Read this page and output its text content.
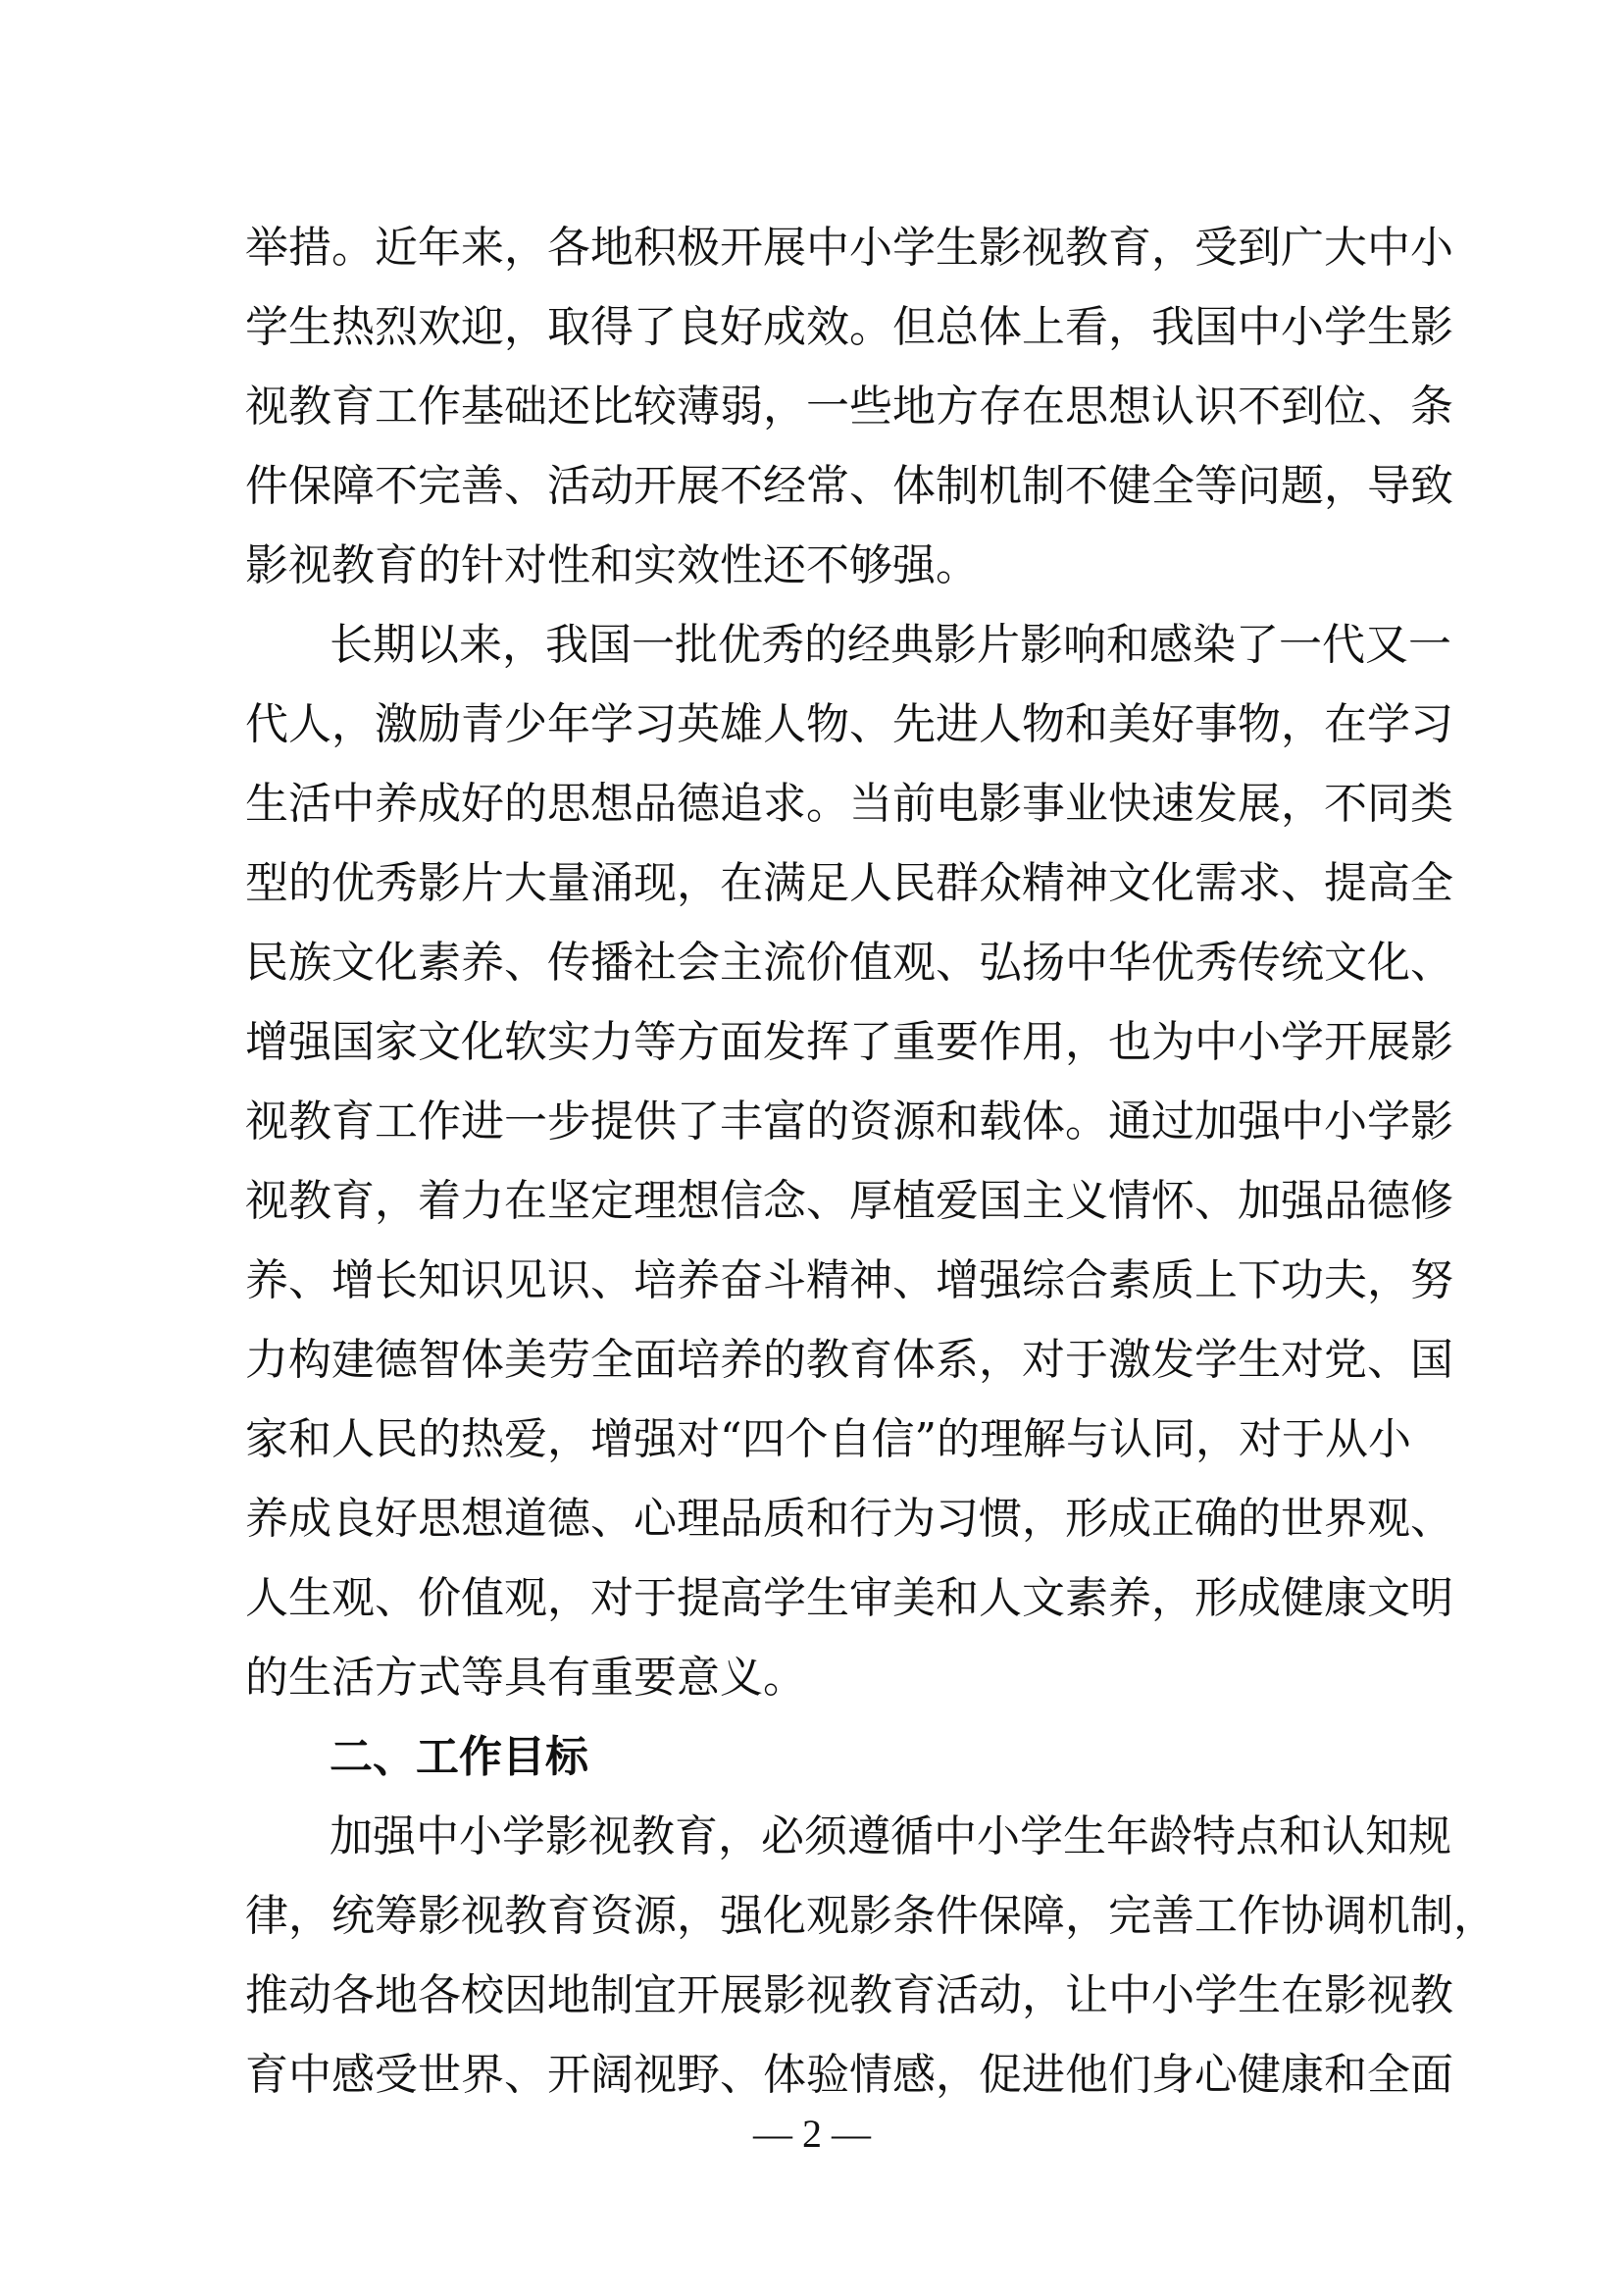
举措。近年来，各地积极开展中小学生影视教育，受到广大中小
学生热烈欢迎，取得了良好成效。但总体上看，我国中小学生影
视教育工作基础还比较薄弱，一些地方存在思想认识不到位、条
件保障不完善、活动开展不经常、体制机制不健全等问题，导致
影视教育的针对性和实效性还不够强。
长期以来，我国一批优秀的经典影片影响和感染了一代又一
代人，激励青少年学习英雄人物、先进人物和美好事物，在学习
生活中养成好的思想品德追求。当前电影事业快速发展，不同类
型的优秀影片大量涌现，在满足人民群众精神文化需求、提高全
民族文化素养、传播社会主流价值观、弘扬中华优秀传统文化、
增强国家文化软实力等方面发挥了重要作用，也为中小学开展影
视教育工作进一步提供了丰富的资源和载体。通过加强中小学影
视教育，着力在坚定理想信念、厚植爱国主义情怀、加强品德修
养、增长知识见识、培养奋斗精神、增强综合素质上下功夫，努
力构建德智体美劳全面培养的教育体系，对于激发学生对党、国
家和人民的热爱，增强对“四个自信”的理解与认同，对于从小
养成良好思想道德、心理品质和行为习惯，形成正确的世界观、
人生观、价值观，对于提高学生审美和人文素养，形成健康文明
的生活方式等具有重要意义。
二、工作目标
加强中小学影视教育，必须遵循中小学生年龄特点和认知规
律，统筹影视教育资源，强化观影条件保障，完善工作协调机制，
推动各地各校因地制宜开展影视教育活动，让中小学生在影视教
育中感受世界、开阔视野、体验情感，促进他们身心健康和全面
— 2 —
